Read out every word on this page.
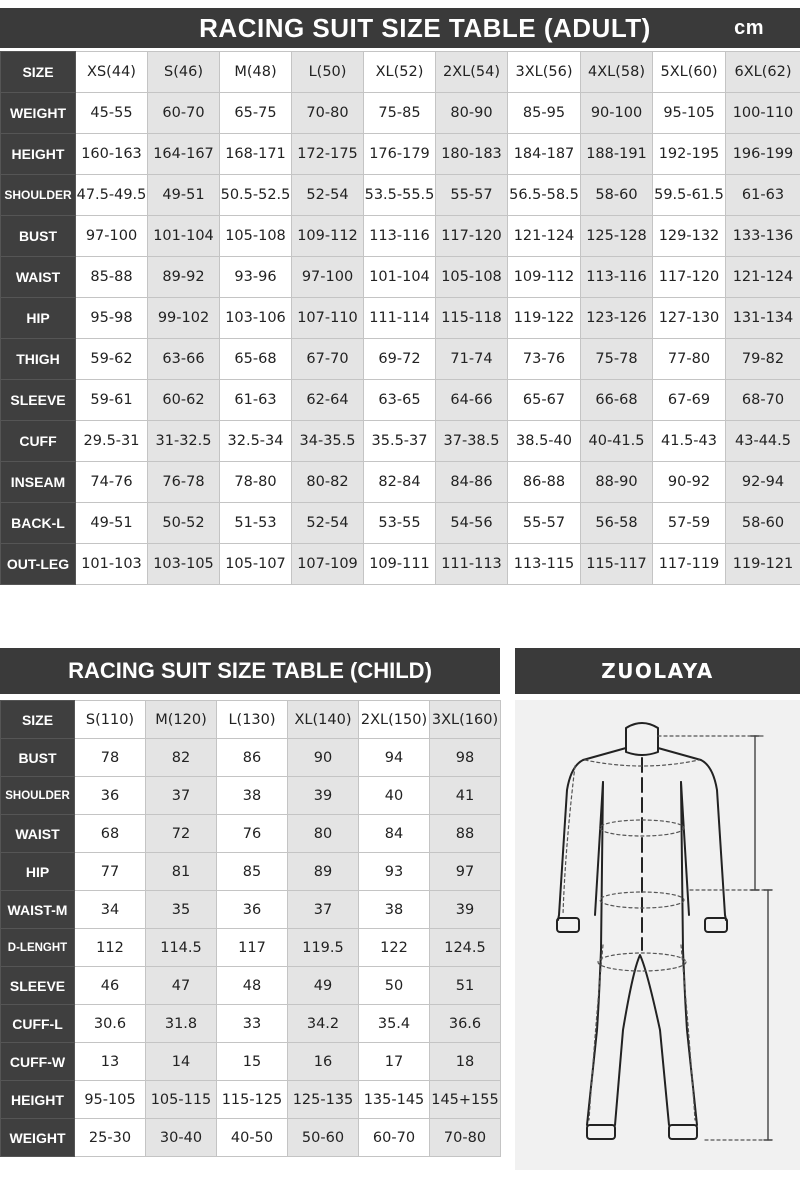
RACING SUIT SIZE TABLE (ADULT)	cm
SIZE	XS(44)	S(46)	M(48)	L(50)	XL(52)	2XL(54)	3XL(56)	4XL(58)	5XL(60)	6XL(62)
WEIGHT	45-55	60-70	65-75	70-80	75-85	80-90	85-95	90-100	95-105	100-110
HEIGHT	160-163	164-167	168-171	172-175	176-179	180-183	184-187	188-191	192-195	196-199
SHOULDER	47.5-49.5	49-51	50.5-52.5	52-54	53.5-55.5	55-57	56.5-58.5	58-60	59.5-61.5	61-63
BUST	97-100	101-104	105-108	109-112	113-116	117-120	121-124	125-128	129-132	133-136
WAIST	85-88	89-92	93-96	97-100	101-104	105-108	109-112	113-116	117-120	121-124
HIP	95-98	99-102	103-106	107-110	111-114	115-118	119-122	123-126	127-130	131-134
THIGH	59-62	63-66	65-68	67-70	69-72	71-74	73-76	75-78	77-80	79-82
SLEEVE	59-61	60-62	61-63	62-64	63-65	64-66	65-67	66-68	67-69	68-70
CUFF	29.5-31	31-32.5	32.5-34	34-35.5	35.5-37	37-38.5	38.5-40	40-41.5	41.5-43	43-44.5
INSEAM	74-76	76-78	78-80	80-82	82-84	84-86	86-88	88-90	90-92	92-94
BACK-L	49-51	50-52	51-53	52-54	53-55	54-56	55-57	56-58	57-59	58-60
OUT-LEG	101-103	103-105	105-107	107-109	109-111	111-113	113-115	115-117	117-119	119-121
RACING SUIT SIZE TABLE (CHILD)	ZUOLAYA
SIZE	S(110)	M(120)	L(130)	XL(140)	2XL(150)	3XL(160)
BUST	78	82	86	90	94	98
SHOULDER	36	37	38	39	40	41
WAIST	68	72	76	80	84	88
HIP	77	81	85	89	93	97
WAIST-M	34	35	36	37	38	39
D-LENGHT	112	114.5	117	119.5	122	124.5
SLEEVE	46	47	48	49	50	51
CUFF-L	30.6	31.8	33	34.2	35.4	36.6
CUFF-W	13	14	15	16	17	18
HEIGHT	95-105	105-115	115-125	125-135	135-145	145+155
WEIGHT	25-30	30-40	40-50	50-60	60-70	70-80
